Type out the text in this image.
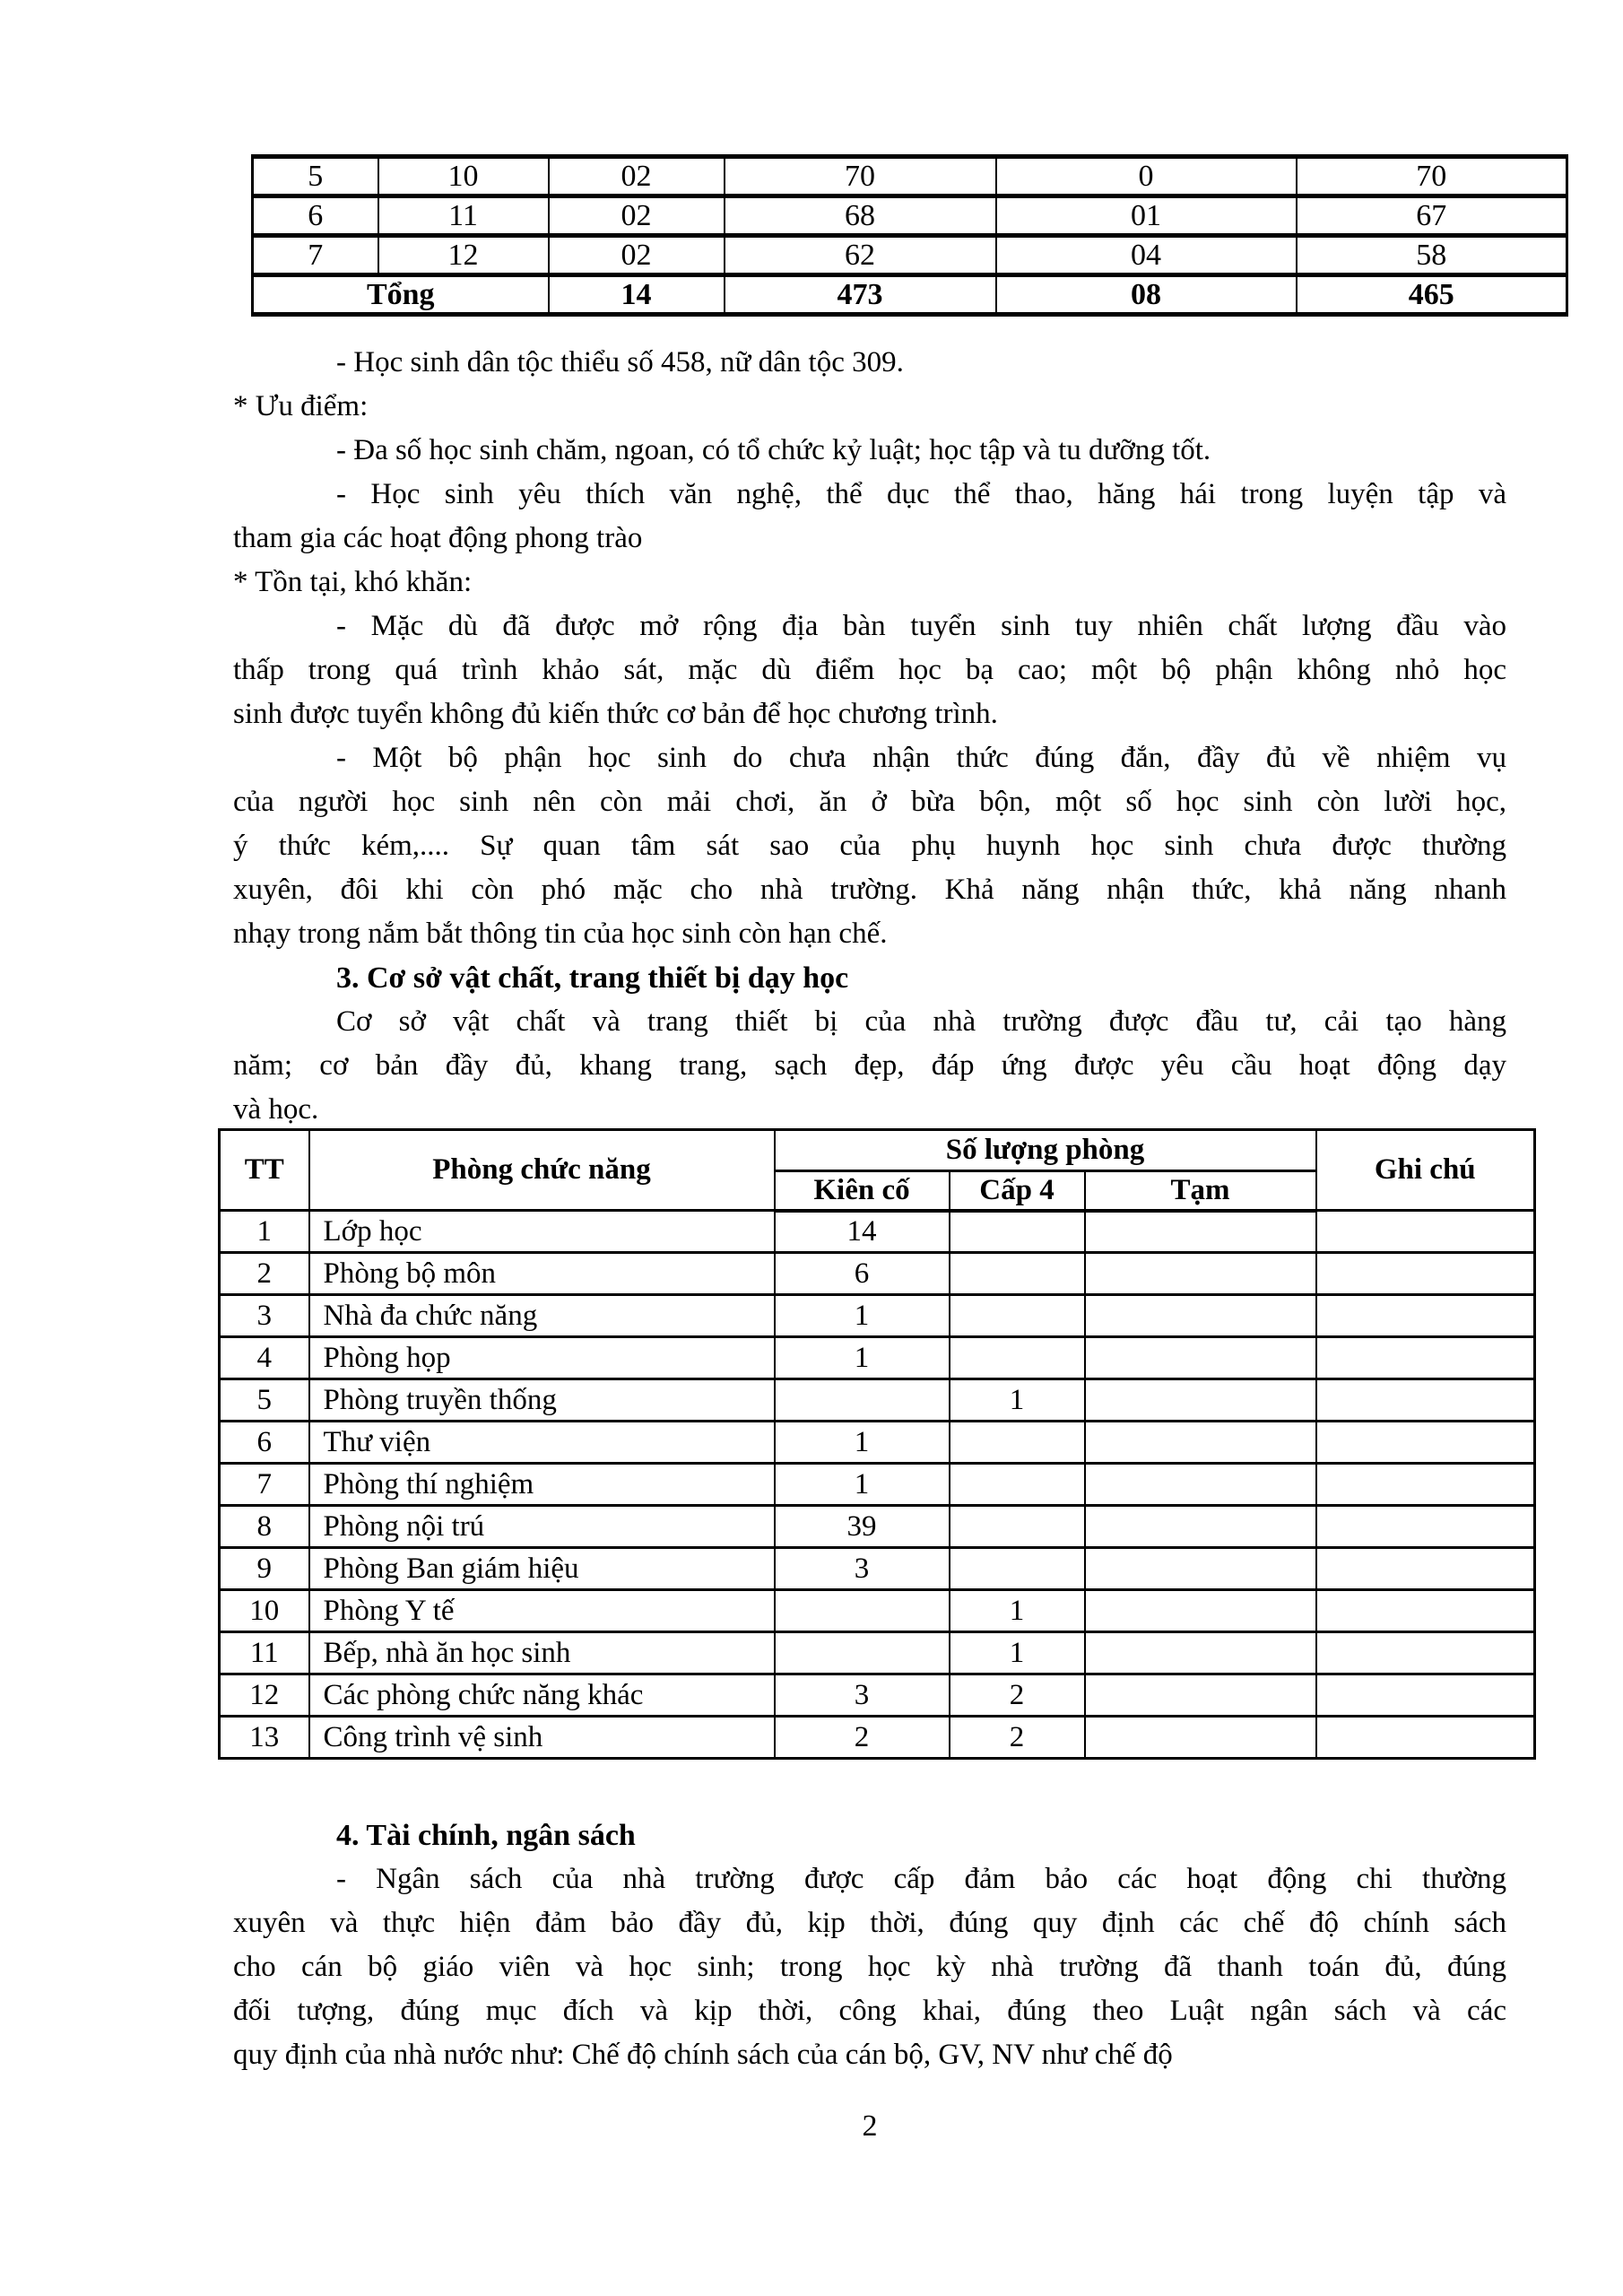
5	10	02	70	0	70
6	11	02	68	01	67
7	12	02	62	04	58
Tổng		14	473	08	465
- Học sinh dân tộc thiểu số 458, nữ dân tộc 309.
* Ưu điểm:
- Đa số học sinh chăm, ngoan, có tổ chức kỷ luật; học tập và tu dưỡng tốt.
- Học sinh yêu thích văn nghệ, thể dục thể thao, hăng hái trong luyện tập và
tham gia các hoạt động phong trào
* Tồn tại, khó khăn:
- Mặc dù đã được mở rộng địa bàn tuyển sinh tuy nhiên chất lượng đầu vào
thấp trong quá trình khảo sát, mặc dù điểm học bạ cao; một bộ phận không nhỏ học
sinh được tuyển không đủ kiến thức cơ bản để học chương trình.
- Một bộ phận học sinh do chưa nhận thức đúng đắn, đầy đủ về nhiệm vụ
của người học sinh nên còn mải chơi, ăn ở bừa bộn, một số học sinh còn lười học,
ý thức kém,.... Sự quan tâm sát sao của phụ huynh học sinh chưa được thường
xuyên, đôi khi còn phó mặc cho nhà trường. Khả năng nhận thức, khả năng nhanh
nhạy trong nắm bắt thông tin của học sinh còn hạn chế.
3. Cơ sở vật chất, trang thiết bị dạy học
Cơ sở vật chất và trang thiết bị của nhà trường được đầu tư, cải tạo hàng
năm; cơ bản đầy đủ, khang trang, sạch đẹp, đáp ứng được yêu cầu hoạt động dạy
và học.
TT	Phòng chức năng	Số lượng phòng			Ghi chú
		Kiên cố	Cấp 4	Tạm	
1	Lớp học	14			
2	Phòng bộ môn	6			
3	Nhà đa chức năng	1			
4	Phòng họp	1			
5	Phòng truyền thống		1		
6	Thư viện	1			
7	Phòng thí nghiệm	1			
8	Phòng nội trú	39			
9	Phòng Ban giám hiệu	3			
10	Phòng Y tế		1		
11	Bếp, nhà ăn học sinh		1		
12	Các phòng chức năng khác	3	2		
13	Công trình vệ sinh	2	2		
4. Tài chính, ngân sách
- Ngân sách của nhà trường được cấp đảm bảo các hoạt động chi thường
xuyên và thực hiện đảm bảo đầy đủ, kịp thời, đúng quy định các chế độ chính sách
cho cán bộ giáo viên và học sinh; trong học kỳ nhà trường đã thanh toán đủ, đúng
đối tượng, đúng mục đích và kịp thời, công khai, đúng theo Luật ngân sách và các
quy định của nhà nước như: Chế độ chính sách của cán bộ, GV, NV như chế độ
2
